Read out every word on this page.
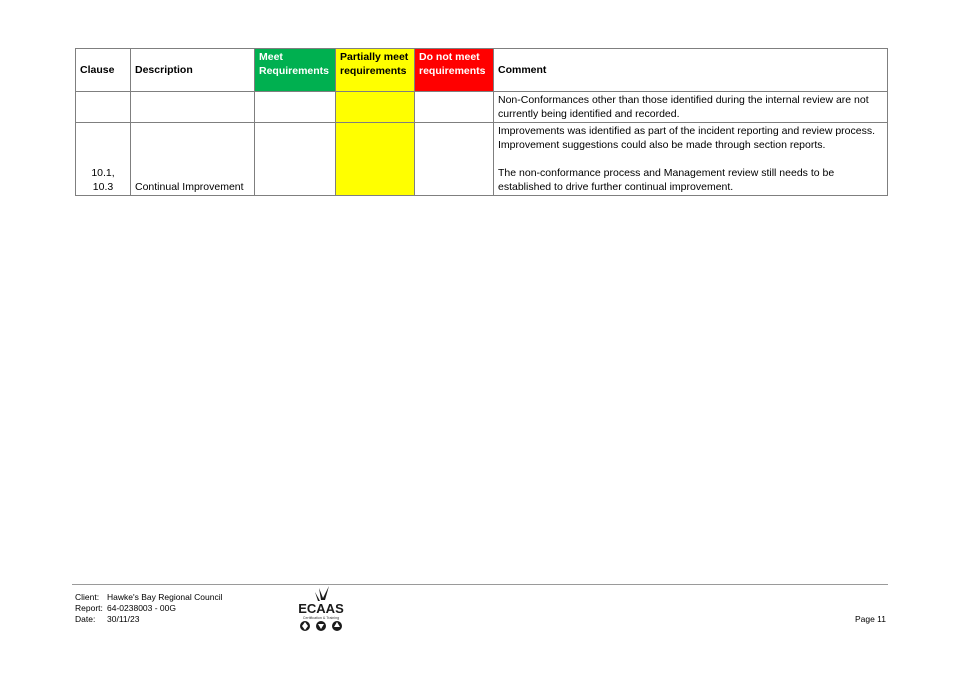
Clause	Description	Meet Requirements	Partially meet requirements	Do not meet requirements	Comment

					Non-Conformances other than those identified during the internal review are not currently being identified and recorded.

10.1, 10.3	Continual Improvement				Improvements was identified as part of the incident reporting and review process.
Improvement suggestions could also be made through section reports.
The non-conformance process and Management review still needs to be established to drive further continual improvement.
Client: Hawke's Bay Regional Council
Report: 64-0238003 - 00G
Date: 30/11/23
ECAAS
Certification & Training	Page 11
